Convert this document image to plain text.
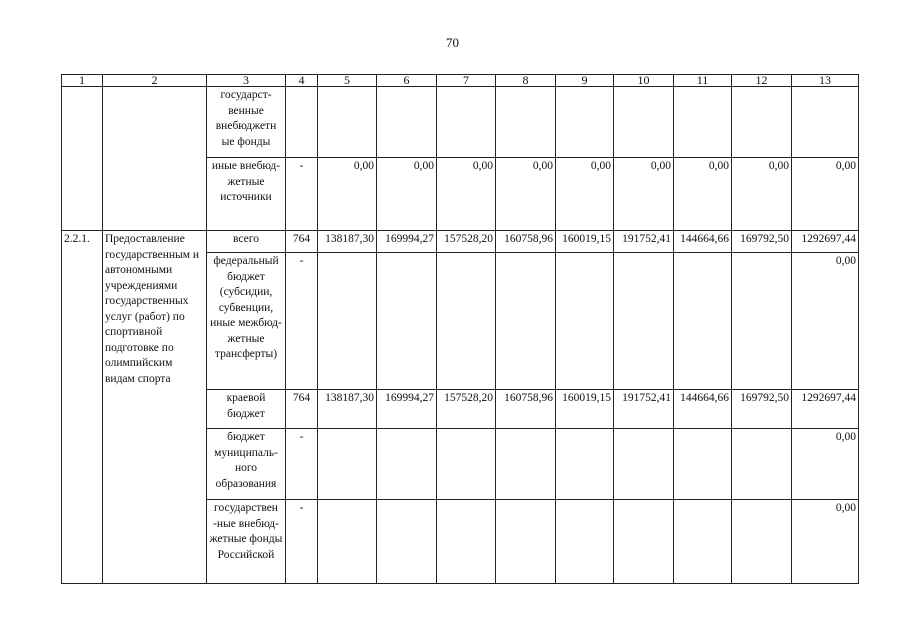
70
1	2	3	4	5	6	7	8	9	10	11	12	13
		государст- венные внебюджетн ые фонды										
		иные внебюд- жетные источники	-	0,00	0,00	0,00	0,00	0,00	0,00	0,00	0,00	0,00
2.2.1.	Предоставление государственным и автономными учреждениями государственных услуг (работ) по спортивной подготовке по олимпийским видам спорта	всего	764	138187,30	169994,27	157528,20	160758,96	160019,15	191752,41	144664,66	169792,50	1292697,44
		федеральный бюджет (субсидии, субвенции, иные межбюд- жетные трансферты)	-									0,00
		краевой бюджет	764	138187,30	169994,27	157528,20	160758,96	160019,15	191752,41	144664,66	169792,50	1292697,44
		бюджет муниципаль- ного образования	-									0,00
		государствен -ные внебюд- жетные фонды Российской	-									0,00
